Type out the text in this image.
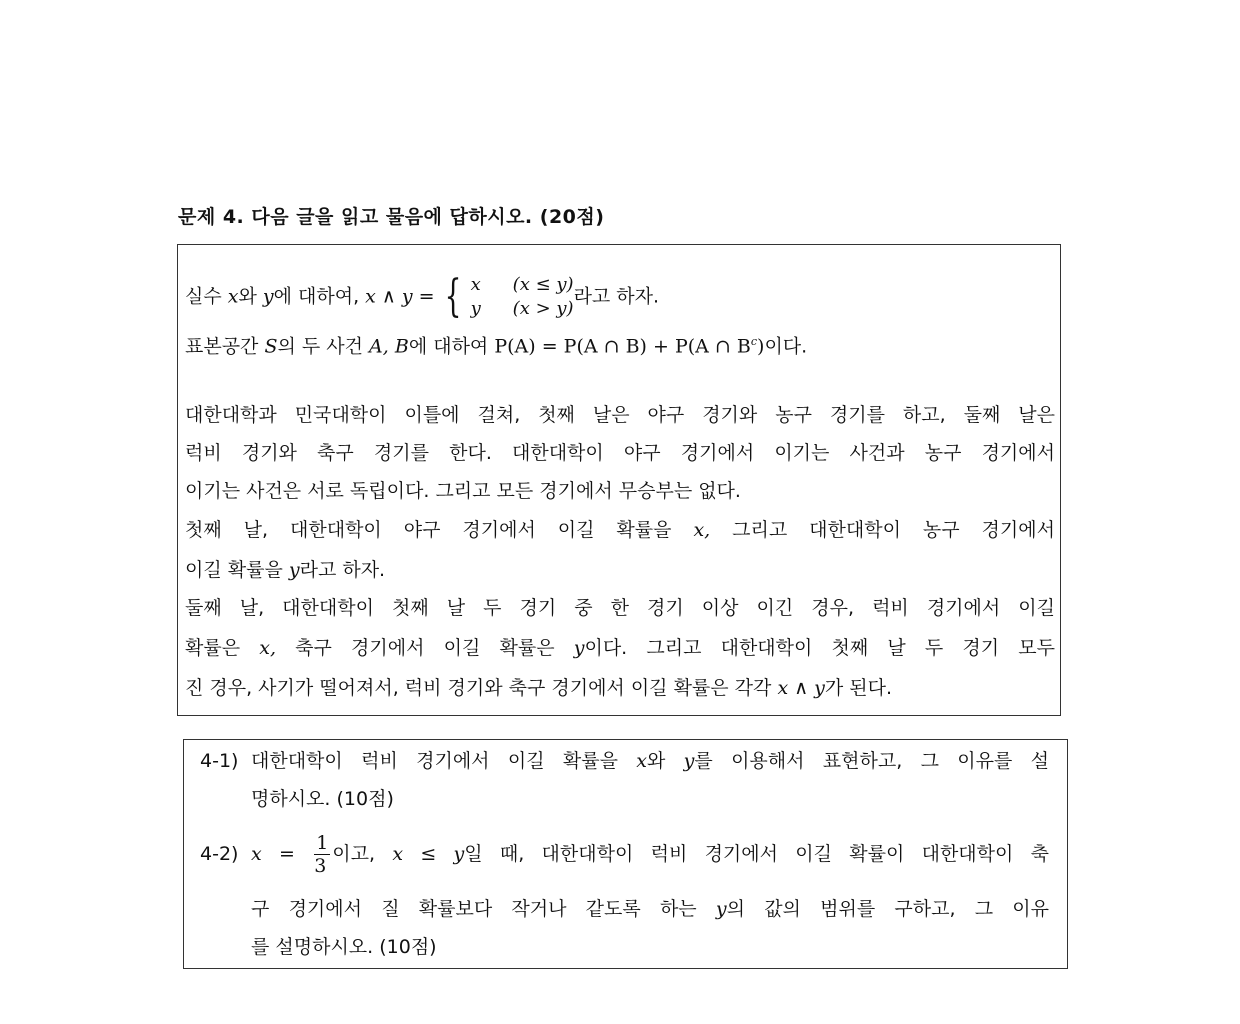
문제 4. 다음 글을 읽고 물음에 답하시오. (20점)
실수 x와 y에 대하여, x ∧ y = { x (x ≤ y)
y (x > y)
라고 하자.
표본공간 S의 두 사건 A, B에 대하여 P(A) = P(A ∩ B) + P(A ∩ $B^c$)이다.
대한대학과 민국대학이 이틀에 걸쳐, 첫째 날은 야구 경기와 농구 경기를 하고, 둘째 날은
럭비 경기와 축구 경기를 한다. 대한대학이 야구 경기에서 이기는 사건과 농구 경기에서
이기는 사건은 서로 독립이다. 그리고 모든 경기에서 무승부는 없다.
첫째 날, 대한대학이 야구 경기에서 이길 확률을 x, 그리고 대한대학이 농구 경기에서
이길 확률을 y라고 하자.
둘째 날, 대한대학이 첫째 날 두 경기 중 한 경기 이상 이긴 경우, 럭비 경기에서 이길
확률은 x, 축구 경기에서 이길 확률은 y이다. 그리고 대한대학이 첫째 날 두 경기 모두
진 경우, 사기가 떨어져서, 럭비 경기와 축구 경기에서 이길 확률은 각각 x ∧ y가 된다.
4-1) 대한대학이 럭비 경기에서 이길 확률을 x와 y를 이용해서 표현하고, 그 이유를 설
명하시오. (10점)
4-2) $x = \frac{1}{3}$ 이고, x ≤ y일 때, 대한대학이 럭비 경기에서 이길 확률이 대한대학이 축
구 경기에서 질 확률보다 작거나 같도록 하는 y의 값의 범위를 구하고, 그 이유
를 설명하시오. (10점)
